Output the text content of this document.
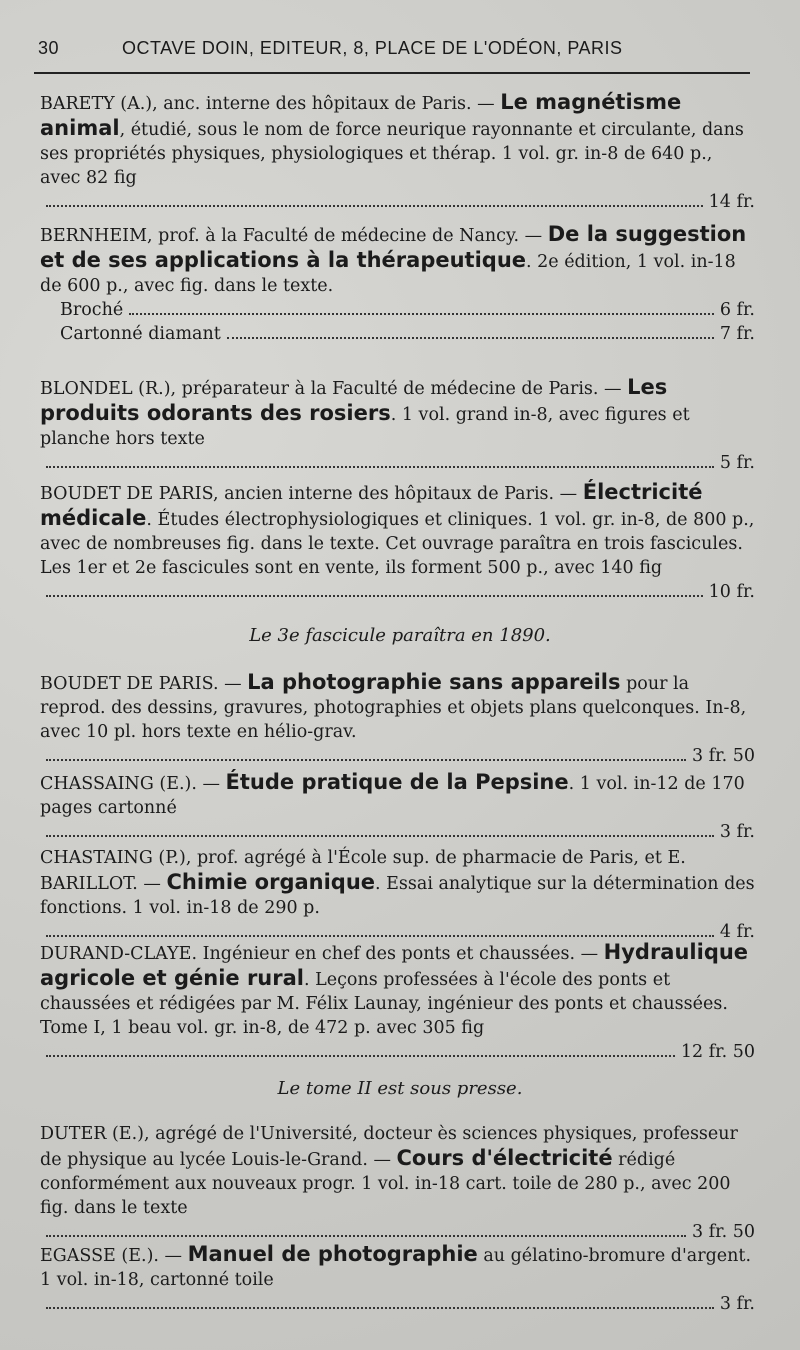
30	OCTAVE DOIN, EDITEUR, 8, PLACE DE L'ODÉON, PARIS

BARETY (A.), anc. interne des hôpitaux de Paris. — Le magnétisme animal, étudié, sous le nom de force neurique rayonnante et circulante, dans ses propriétés physiques, physiologiques et thérap. 1 vol. gr. in-8 de 640 p., avec 82 fig

14 fr.

BERNHEIM, prof. à la Faculté de médecine de Nancy. — De la suggestion et de ses applications à la thérapeutique. 2e édition, 1 vol. in-18 de 600 p., avec fig. dans le texte.

Broché	6 fr.
Cartonné diamant	7 fr.

BLONDEL (R.), préparateur à la Faculté de médecine de Paris. — Les produits odorants des rosiers. 1 vol. grand in-8, avec figures et planche hors texte

5 fr.

BOUDET DE PARIS, ancien interne des hôpitaux de Paris. — Électricité médicale. Études électrophysiologiques et cliniques. 1 vol. gr. in-8, de 800 p., avec de nombreuses fig. dans le texte. Cet ouvrage paraîtra en trois fascicules. Les 1er et 2e fascicules sont en vente, ils forment 500 p., avec 140 fig

10 fr.
Le 3e fascicule paraîtra en 1890.

BOUDET DE PARIS. — La photographie sans appareils pour la reprod. des dessins, gravures, photographies et objets plans quelconques. In-8, avec 10 pl. hors texte en hélio-grav.

3 fr. 50

CHASSAING (E.). — Étude pratique de la Pepsine. 1 vol. in-12 de 170 pages cartonné

3 fr.

CHASTAING (P.), prof. agrégé à l'École sup. de pharmacie de Paris, et E. BARILLOT. — Chimie organique. Essai analytique sur la détermination des fonctions. 1 vol. in-18 de 290 p.

4 fr.

DURAND-CLAYE. Ingénieur en chef des ponts et chaussées. — Hydraulique agricole et génie rural. Leçons professées à l'école des ponts et chaussées et rédigées par M. Félix Launay, ingénieur des ponts et chaussées. Tome I, 1 beau vol. gr. in-8, de 472 p. avec 305 fig

12 fr. 50
Le tome II est sous presse.

DUTER (E.), agrégé de l'Université, docteur ès sciences physiques, professeur de physique au lycée Louis-le-Grand. — Cours d'électricité rédigé conformément aux nouveaux progr. 1 vol. in-18 cart. toile de 280 p., avec 200 fig. dans le texte

3 fr. 50

EGASSE (E.). — Manuel de photographie au gélatino-bromure d'argent. 1 vol. in-18, cartonné toile

3 fr.
